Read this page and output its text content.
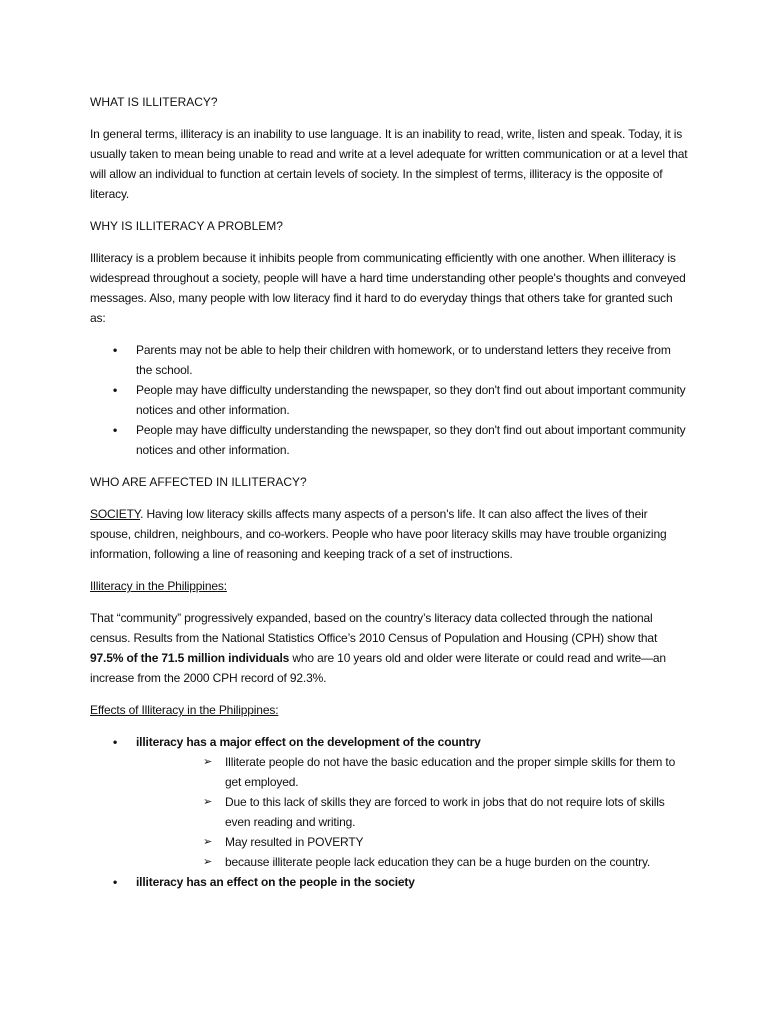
WHAT IS ILLITERACY?

In general terms, illiteracy is an inability to use language. It is an inability to read, write, listen and speak. Today, it is usually taken to mean being unable to read and write at a level adequate for written communication or at a level that will allow an individual to function at certain levels of society. In the simplest of terms, illiteracy is the opposite of literacy.

WHY IS ILLITERACY A PROBLEM?

Illiteracy is a problem because it inhibits people from communicating efficiently with one another. When illiteracy is widespread throughout a society, people will have a hard time understanding other people's thoughts and conveyed messages. Also, many people with low literacy find it hard to do everyday things that others take for granted such as:

• Parents may not be able to help their children with homework, or to understand letters they receive from the school.
• People may have difficulty understanding the newspaper, so they don't find out about important community notices and other information.
• People may have difficulty understanding the newspaper, so they don't find out about important community notices and other information.

WHO ARE AFFECTED IN ILLITERACY?

SOCIETY. Having low literacy skills affects many aspects of a person's life. It can also affect the lives of their spouse, children, neighbours, and co-workers. People who have poor literacy skills may have trouble organizing information, following a line of reasoning and keeping track of a set of instructions.

Illiteracy in the Philippines:

That “community” progressively expanded, based on the country’s literacy data collected through the national census. Results from the National Statistics Office’s 2010 Census of Population and Housing (CPH) show that 97.5% of the 71.5 million individuals who are 10 years old and older were literate or could read and write—an increase from the 2000 CPH record of 92.3%.

Effects of Illiteracy in the Philippines:

• illiteracy has a major effect on the development of the country
➢ Illiterate people do not have the basic education and the proper simple skills for them to get employed.
➢ Due to this lack of skills they are forced to work in jobs that do not require lots of skills even reading and writing.
➢ May resulted in POVERTY
➢ because illiterate people lack education they can be a huge burden on the country.
• illiteracy has an effect on the people in the society
